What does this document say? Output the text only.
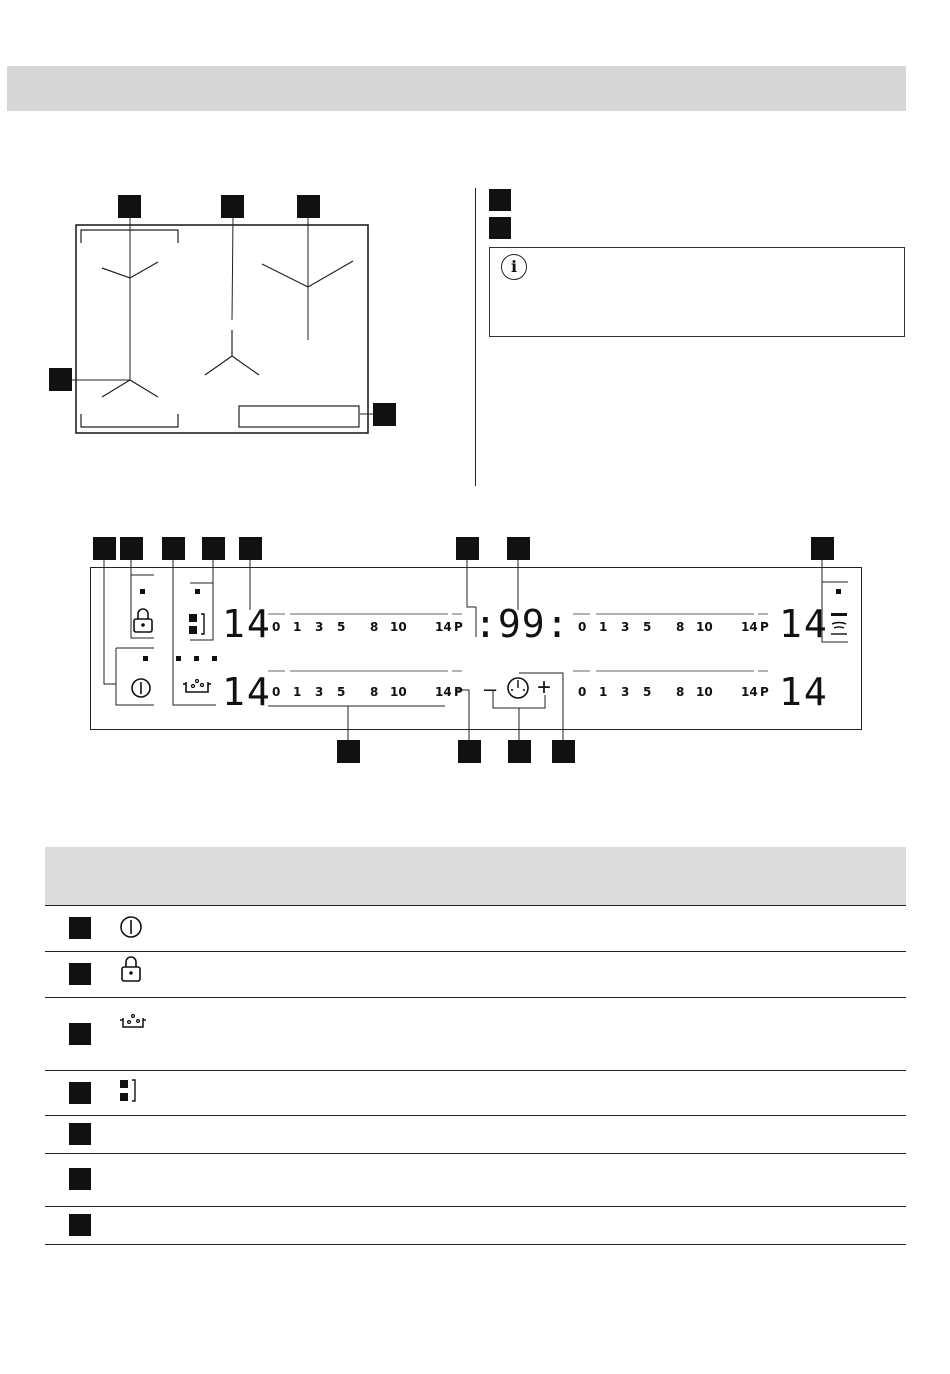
i
14
14
14
14
:99:
– +
0 1 3 5 8 10 14 P	0 1 3 5 8 10 14 P
0 1 3 5 8 10 14 P	0 1 3 5 8 10 14 P
